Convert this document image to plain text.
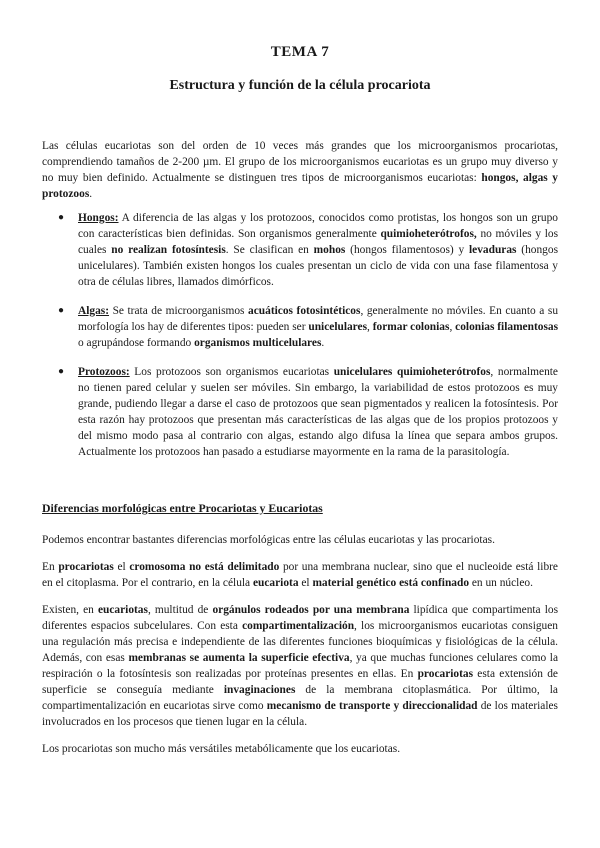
TEMA 7
Estructura y función de la célula procariota

Las células eucariotas son del orden de 10 veces más grandes que los microorganismos procariotas, comprendiendo tamaños de 2-200 µm. El grupo de los microorganismos eucariotas es un grupo muy diverso y no muy bien definido. Actualmente se distinguen tres tipos de microorganismos eucariotas: hongos, algas y protozoos.

● Hongos: A diferencia de las algas y los protozoos, conocidos como protistas, los hongos son un grupo con características bien definidas. Son organismos generalmente quimioheterótrofos, no móviles y los cuales no realizan fotosíntesis. Se clasifican en mohos (hongos filamentosos) y levaduras (hongos unicelulares). También existen hongos los cuales presentan un ciclo de vida con una fase filamentosa y otra de células libres, llamados dimórficos.

● Algas: Se trata de microorganismos acuáticos fotosintéticos, generalmente no móviles. En cuanto a su morfología los hay de diferentes tipos: pueden ser unicelulares, formar colonias, colonias filamentosas o agrupándose formando organismos multicelulares.

● Protozoos: Los protozoos son organismos eucariotas unicelulares quimioheterótrofos, normalmente no tienen pared celular y suelen ser móviles. Sin embargo, la variabilidad de estos protozoos es muy grande, pudiendo llegar a darse el caso de protozoos que sean pigmentados y realicen la fotosíntesis. Por esta razón hay protozoos que presentan más características de las algas que de los propios protozoos y del mismo modo pasa al contrario con algas, estando algo difusa la línea que separa ambos grupos. Actualmente los protozoos han pasado a estudiarse mayormente en la rama de la parasitología.

Diferencias morfológicas entre Procariotas y Eucariotas

Podemos encontrar bastantes diferencias morfológicas entre las células eucariotas y las procariotas.

En procariotas el cromosoma no está delimitado por una membrana nuclear, sino que el nucleoide está libre en el citoplasma. Por el contrario, en la célula eucariota el material genético está confinado en un núcleo.

Existen, en eucariotas, multitud de orgánulos rodeados por una membrana lipídica que compartimenta los diferentes espacios subcelulares. Con esta compartimentalización, los microorganismos eucariotas consiguen una regulación más precisa e independiente de las diferentes funciones bioquímicas y fisiológicas de la célula. Además, con esas membranas se aumenta la superficie efectiva, ya que muchas funciones celulares como la respiración o la fotosíntesis son realizadas por proteínas presentes en ellas. En procariotas esta extensión de superficie se conseguía mediante invaginaciones de la membrana citoplasmática. Por último, la compartimentalización en eucariotas sirve como mecanismo de transporte y direccionalidad de los materiales involucrados en los procesos que tienen lugar en la célula.

Los procariotas son mucho más versátiles metabólicamente que los eucariotas.
